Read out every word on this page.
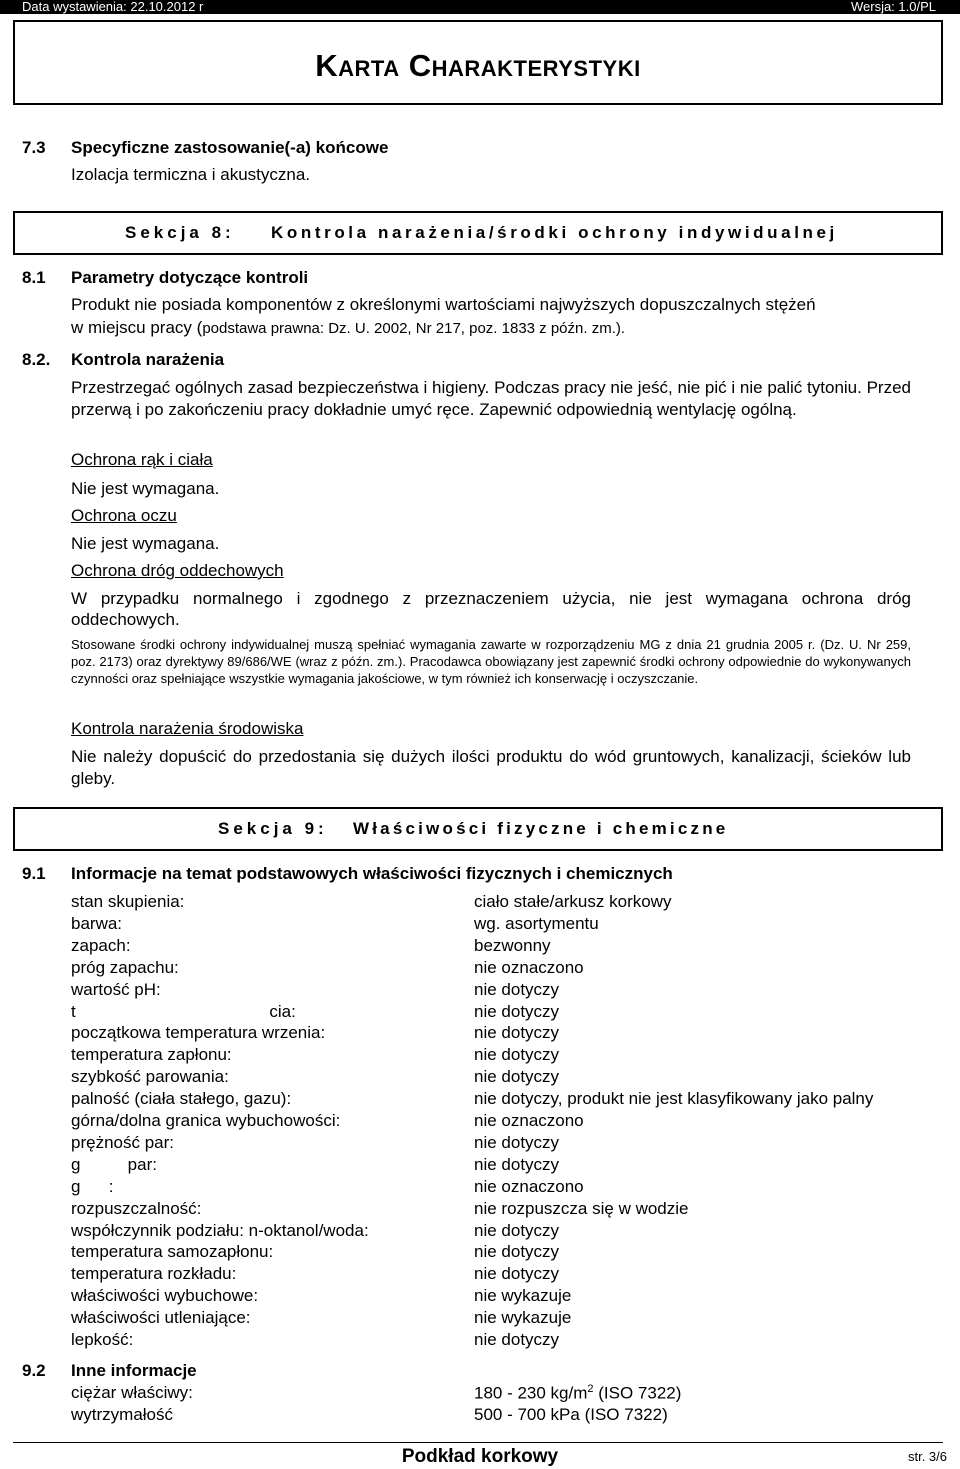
Data wystawienia: 22.10.2012 r	Wersja: 1.0/PL
Karta Charakterystyki
7.3 Specyficzne zastosowanie(-a) końcowe
Izolacja termiczna i akustyczna.
Sekcja 8: Kontrola narażenia/środki ochrony indywidualnej
8.1 Parametry dotyczące kontroli
Produkt nie posiada komponentów z określonymi wartościami najwyższych dopuszczalnych stężeń
w miejscu pracy (podstawa prawna: Dz. U. 2002, Nr 217, poz. 1833 z późn. zm.).
8.2. Kontrola narażenia
Przestrzegać ogólnych zasad bezpieczeństwa i higieny. Podczas pracy nie jeść, nie pić i nie palić tytoniu. Przed przerwą i po zakończeniu pracy dokładnie umyć ręce. Zapewnić odpowiednią wentylację ogólną.
Ochrona rąk i ciała
Nie jest wymagana.
Ochrona oczu
Nie jest wymagana.
Ochrona dróg oddechowych
W przypadku normalnego i zgodnego z przeznaczeniem użycia, nie jest wymagana ochrona dróg oddechowych.
Stosowane środki ochrony indywidualnej muszą spełniać wymagania zawarte w rozporządzeniu MG z dnia 21 grudnia 2005 r. (Dz. U. Nr 259, poz. 2173) oraz dyrektywy 89/686/WE (wraz z późn. zm.). Pracodawca obowiązany jest zapewnić środki ochrony odpowiednie do wykonywanych czynności oraz spełniające wszystkie wymagania jakościowe, w tym również ich konserwację i oczyszczanie.
Kontrola narażenia środowiska
Nie należy dopuścić do przedostania się dużych ilości produktu do wód gruntowych, kanalizacji, ścieków lub gleby.
Sekcja 9: Właściwości fizyczne i chemiczne
9.1 Informacje na temat podstawowych właściwości fizycznych i chemicznych
stan skupienia:	ciało stałe/arkusz korkowy
barwa:	wg. asortymentu
zapach:	bezwonny
próg zapachu:	nie oznaczono
wartość pH:	nie dotyczy
t                                         cia:	nie dotyczy
początkowa temperatura wrzenia:	nie dotyczy
temperatura zapłonu:	nie dotyczy
szybkość parowania:	nie dotyczy
palność (ciała stałego, gazu):	nie dotyczy, produkt nie jest klasyfikowany jako palny
górna/dolna granica wybuchowości:	nie oznaczono
prężność par:	nie dotyczy
g          par:	nie dotyczy
g      :	nie oznaczono
rozpuszczalność:	nie rozpuszcza się w wodzie
współczynnik podziału: n-oktanol/woda:	nie dotyczy
temperatura samozapłonu:	nie dotyczy
temperatura rozkładu:	nie dotyczy
właściwości wybuchowe:	nie wykazuje
właściwości utleniające:	nie wykazuje
lepkość:	nie dotyczy
9.2 Inne informacje
ciężar właściwy:	180 - 230 $kg/m^2$ (ISO 7322)
wytrzymałość	500 - 700 kPa (ISO 7322)
Podkład korkowy	str. 3/6
